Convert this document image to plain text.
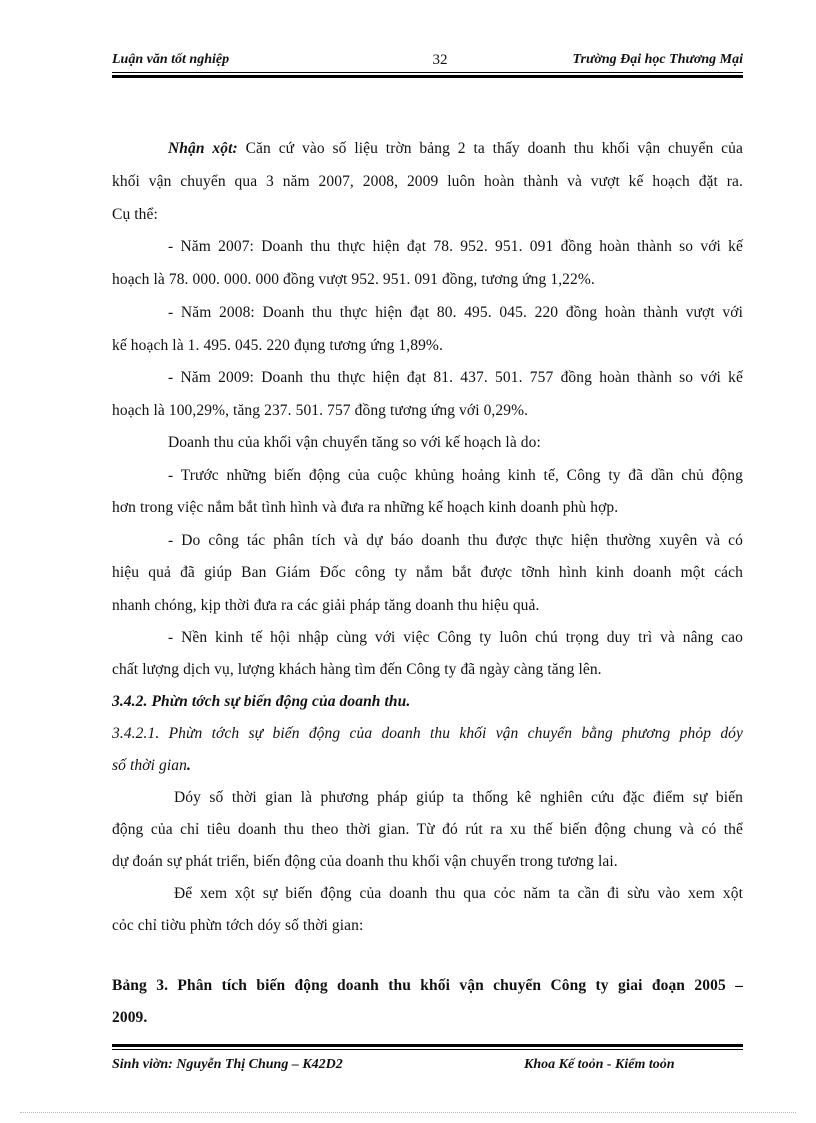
Luận văn tốt nghiệp	32	Trường Đại học Thương Mại
Nhận xột: Căn cứ vào số liệu trờn bảng 2 ta thấy doanh thu khối vận chuyển của
khối vận chuyển qua 3 năm 2007, 2008, 2009 luôn hoàn thành và vượt kế hoạch đặt ra.
Cụ thể:
- Năm 2007: Doanh thu thực hiện đạt 78. 952. 951. 091 đồng hoàn thành so với kế
hoạch là 78. 000. 000. 000 đồng vượt 952. 951. 091 đồng, tương ứng 1,22%.
- Năm 2008: Doanh thu thực hiện đạt 80. 495. 045. 220 đồng hoàn thành vượt với
kế hoạch là 1. 495. 045. 220 đụng tương ứng 1,89%.
- Năm 2009: Doanh thu thực hiện đạt 81. 437. 501. 757 đồng hoàn thành so với kế
hoạch là 100,29%, tăng 237. 501. 757 đồng tương ứng với 0,29%.
Doanh thu của khối vận chuyển tăng so với kế hoạch là do:
- Trước những biến động của cuộc khủng hoảng kinh tế, Công ty đã dần chủ động
hơn trong việc nắm bắt tình hình và đưa ra những kế hoạch kinh doanh phù hợp.
- Do công tác phân tích và dự báo doanh thu được thực hiện thường xuyên và có
hiệu quả đã giúp Ban Giám Đốc công ty nắm bắt được tỡnh hình kinh doanh một cách
nhanh chóng, kịp thời đưa ra các giải pháp tăng doanh thu hiệu quả.
- Nền kinh tế hội nhập cùng với việc Công ty luôn chú trọng duy trì và nâng cao
chất lượng dịch vụ, lượng khách hàng tìm đến Công ty đã ngày càng tăng lên.
3.4.2. Phừn tớch sự biến động của doanh thu.
3.4.2.1. Phừn tớch sự biến động của doanh thu khối vận chuyển bằng phương phỏp dóy
số thời gian.
Dóy số thời gian là phương pháp giúp ta thống kê nghiên cứu đặc điểm sự biến
động của chỉ tiêu doanh thu theo thời gian. Từ đó rút ra xu thế biến động chung và có thể
dự đoán sự phát triển, biến động của doanh thu khối vận chuyển trong tương lai.
Để xem xột sự biến động của doanh thu qua cỏc năm ta cần đi sừu vào xem xột
cỏc chỉ tiờu phừn tớch dóy số thời gian:
Bảng 3. Phân tích biến động doanh thu khối vận chuyển Công ty giai đoạn 2005 –
2009.
Sinh viờn: Nguyễn Thị Chung – K42D2	Khoa Kế toỏn - Kiểm toỏn
